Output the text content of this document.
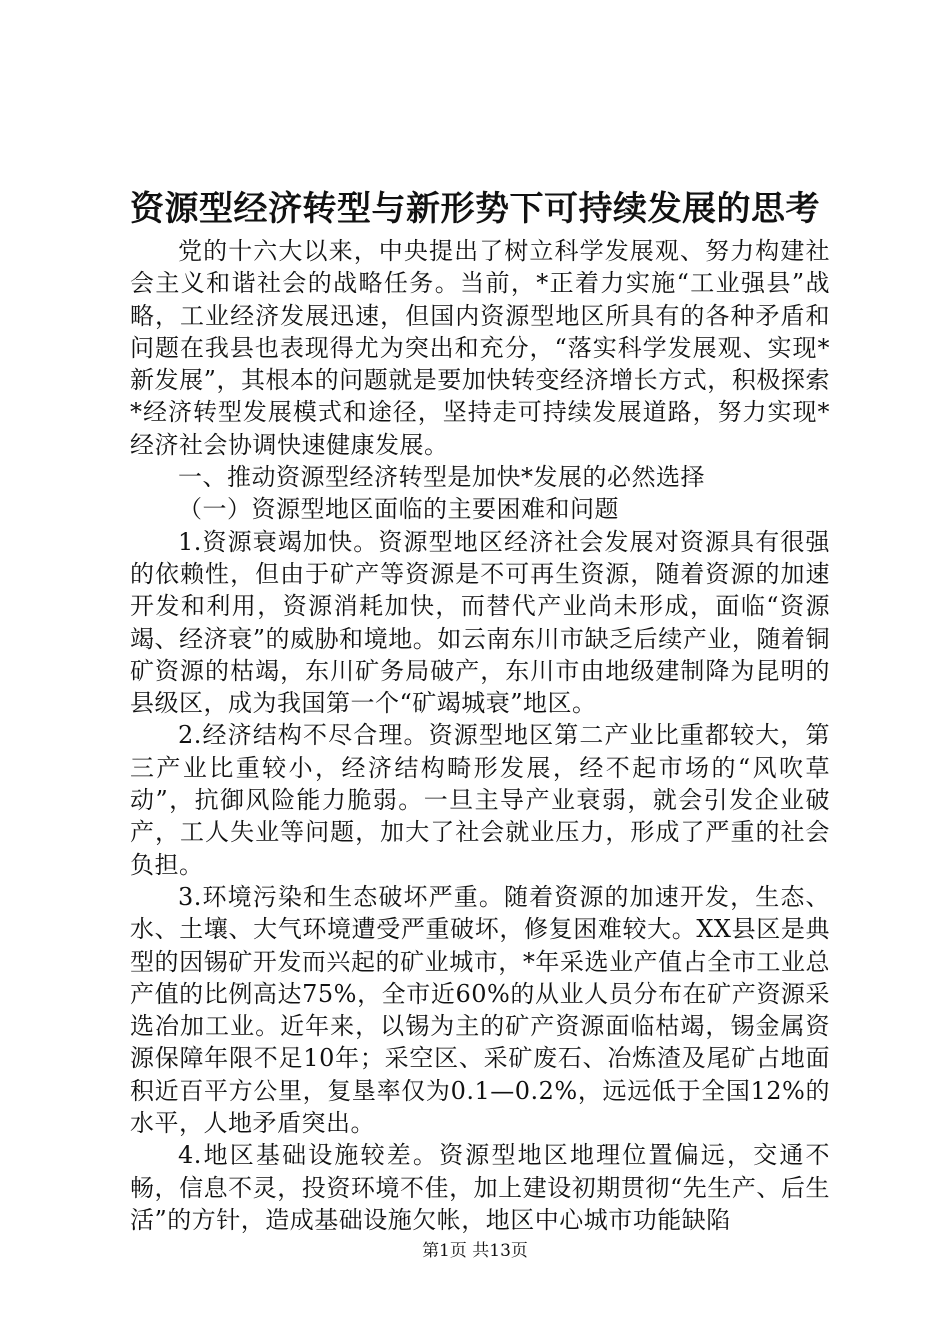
资源型经济转型与新形势下可持续发展的思考

党的十六大以来，中央提出了树立科学发展观、努力构建社会主义和谐社会的战略任务。当前，*正着力实施“工业强县”战略，工业经济发展迅速，但国内资源型地区所具有的各种矛盾和问题在我县也表现得尤为突出和充分，“落实科学发展观、实现*新发展”，其根本的问题就是要加快转变经济增长方式，积极探索*经济转型发展模式和途径，坚持走可持续发展道路，努力实现*经济社会协调快速健康发展。

一、推动资源型经济转型是加快*发展的必然选择

（一）资源型地区面临的主要困难和问题

1.资源衰竭加快。资源型地区经济社会发展对资源具有很强的依赖性，但由于矿产等资源是不可再生资源，随着资源的加速开发和利用，资源消耗加快，而替代产业尚未形成，面临“资源竭、经济衰”的威胁和境地。如云南东川市缺乏后续产业，随着铜矿资源的枯竭，东川矿务局破产，东川市由地级建制降为昆明的县级区，成为我国第一个“矿竭城衰”地区。

2.经济结构不尽合理。资源型地区第二产业比重都较大，第三产业比重较小，经济结构畸形发展，经不起市场的“风吹草动”，抗御风险能力脆弱。一旦主导产业衰弱，就会引发企业破产，工人失业等问题，加大了社会就业压力，形成了严重的社会负担。

3.环境污染和生态破坏严重。随着资源的加速开发，生态、水、土壤、大气环境遭受严重破坏，修复困难较大。XX县区是典型的因锡矿开发而兴起的矿业城市，*年采选业产值占全市工业总产值的比例高达75%，全市近60%的从业人员分布在矿产资源采选冶加工业。近年来，以锡为主的矿产资源面临枯竭，锡金属资源保障年限不足10年；采空区、采矿废石、冶炼渣及尾矿占地面积近百平方公里，复垦率仅为0.1—0.2%，远远低于全国12%的水平，人地矛盾突出。

4.地区基础设施较差。资源型地区地理位置偏远，交通不畅，信息不灵，投资环境不佳，加上建设初期贯彻“先生产、后生活”的方针，造成基础设施欠帐，地区中心城市功能缺陷

第1页 共13页
